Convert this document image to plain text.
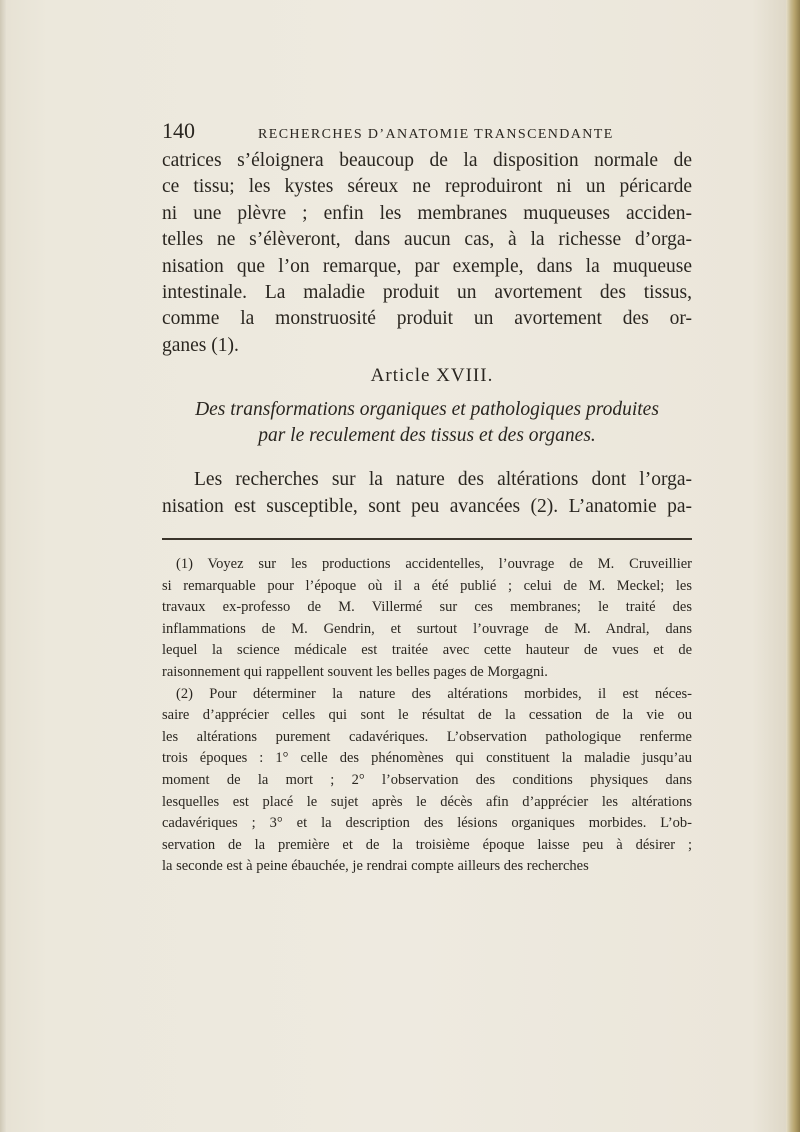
140	RECHERCHES D’ANATOMIE TRANSCENDANTE
catrices s’éloignera beaucoup de la disposition normale de
ce tissu; les kystes séreux ne reproduiront ni un péricarde
ni une plèvre ; enfin les membranes muqueuses acciden-
telles ne s’élèveront, dans aucun cas, à la richesse d’orga-
nisation que l’on remarque, par exemple, dans la muqueuse
intestinale. La maladie produit un avortement des tissus,
comme la monstruosité produit un avortement des or-
ganes (1).
Article XVIII.
Des transformations organiques et pathologiques produites
par le reculement des tissus et des organes.
Les recherches sur la nature des altérations dont l’orga-
nisation est susceptible, sont peu avancées (2). L’anatomie pa-
(1) Voyez sur les productions accidentelles, l’ouvrage de M. Cruveillier
si remarquable pour l’époque où il a été publié ; celui de M. Meckel; les
travaux ex-professo de M. Villermé sur ces membranes; le traité des
inflammations de M. Gendrin, et surtout l’ouvrage de M. Andral, dans
lequel la science médicale est traitée avec cette hauteur de vues et de
raisonnement qui rappellent souvent les belles pages de Morgagni.
(2) Pour déterminer la nature des altérations morbides, il est néces-
saire d’apprécier celles qui sont le résultat de la cessation de la vie ou
les altérations purement cadavériques. L’observation pathologique renferme
trois époques : 1° celle des phénomènes qui constituent la maladie jusqu’au
moment de la mort ; 2° l’observation des conditions physiques dans
lesquelles est placé le sujet après le décès afin d’apprécier les altérations
cadavériques ; 3° et la description des lésions organiques morbides. L’ob-
servation de la première et de la troisième époque laisse peu à désirer ;
la seconde est à peine ébauchée, je rendrai compte ailleurs des recherches
